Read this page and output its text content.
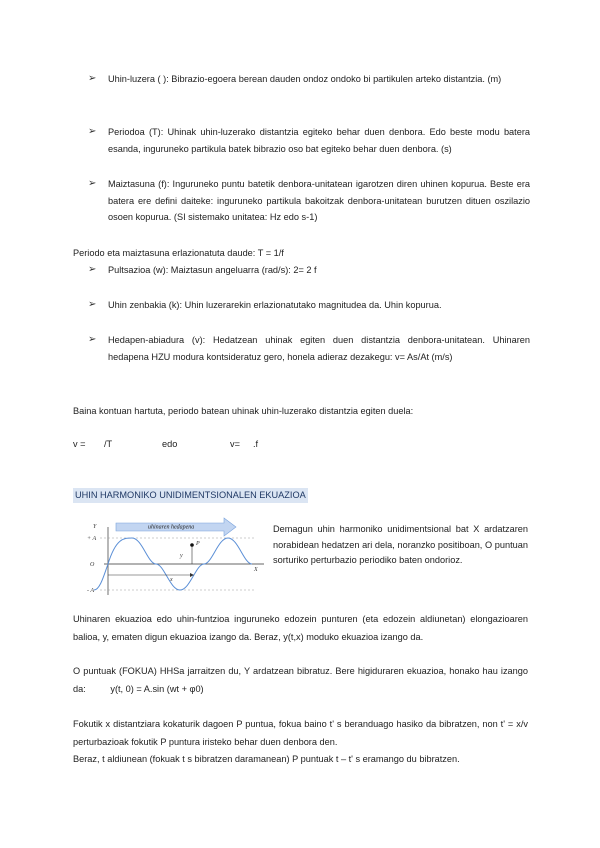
➢ Uhin-luzera ( ): Bibrazio-egoera berean dauden ondoz ondoko bi partikulen arteko distantzia. (m)
➢ Periodoa (T): Uhinak uhin-luzerako distantzia egiteko behar duen denbora. Edo beste modu batera esanda, inguruneko partikula batek bibrazio oso bat egiteko behar duen denbora. (s)
➢ Maiztasuna (f): Inguruneko puntu batetik denbora-unitatean igarotzen diren uhinen kopurua. Beste era batera ere defini daiteke: ingurunekо partikula bakoitzak denbora-unitatean burutzen dituen oszilazio osoen kopurua. (SI sistemako unitatea: Hz edo s-1)
Periodo eta maiztasuna erlazionatuta daude: T = 1/f
➢ Pultsazioa (w): Maiztasun angeluarra (rad/s): 2= 2 f
➢ Uhin zenbakia (k): Uhin luzerarekin erlazionatutako magnitudea da. Uhin kopurua.
➢ Hedapen-abiadura (v): Hedatzean uhinak egiten duen distantzia denbora-unitatean. Uhinaren hedapena HZU modura kontsideratuz gero, honela adieraz dezakegu: v= As/At (m/s)
Baina kontuan hartuta, periodo batean uhinak uhin-luzerako distantzia egiten duela:
v = /T	edo	v= .f
UHIN HARMONIKO UNIDIMENTSIONALEN EKUAZIOA
uhinaren hedapena
Y
+ A
O
- A
X
P
y
x
Demagun uhin harmoniko unidimentsional bat X ardatzaren norabidean hedatzen ari dela, noranzko positiboan, O puntuan sorturiko perturbazio periodiko baten ondorioz.
Uhinaren ekuazioa edo uhin-funtzioa inguruneko edozein punturen (eta edozein aldiunetan) elongazioaren balioa, y, ematen digun ekuazioa izango da. Beraz, y(t,x) moduko ekuazioa izango da.
O puntuak (FOKUA) HHSa jarraitzen du, Y ardatzean bibratuz. Bere higiduraren ekuazioa, honako hau izango da:	y(t, 0) = A.sin (wt + φ0)
Fokutik x distantziara kokaturik dagoen P puntua, fokua baino t' s beranduago hasiko da bibratzen, non t' = x/v perturbazioak fokutik P puntura iristeko behar duen denbora den.
Beraz, t aldiunean (fokuak t s bibratzen daramanean) P puntuak t – t' s eramango du bibratzen.
